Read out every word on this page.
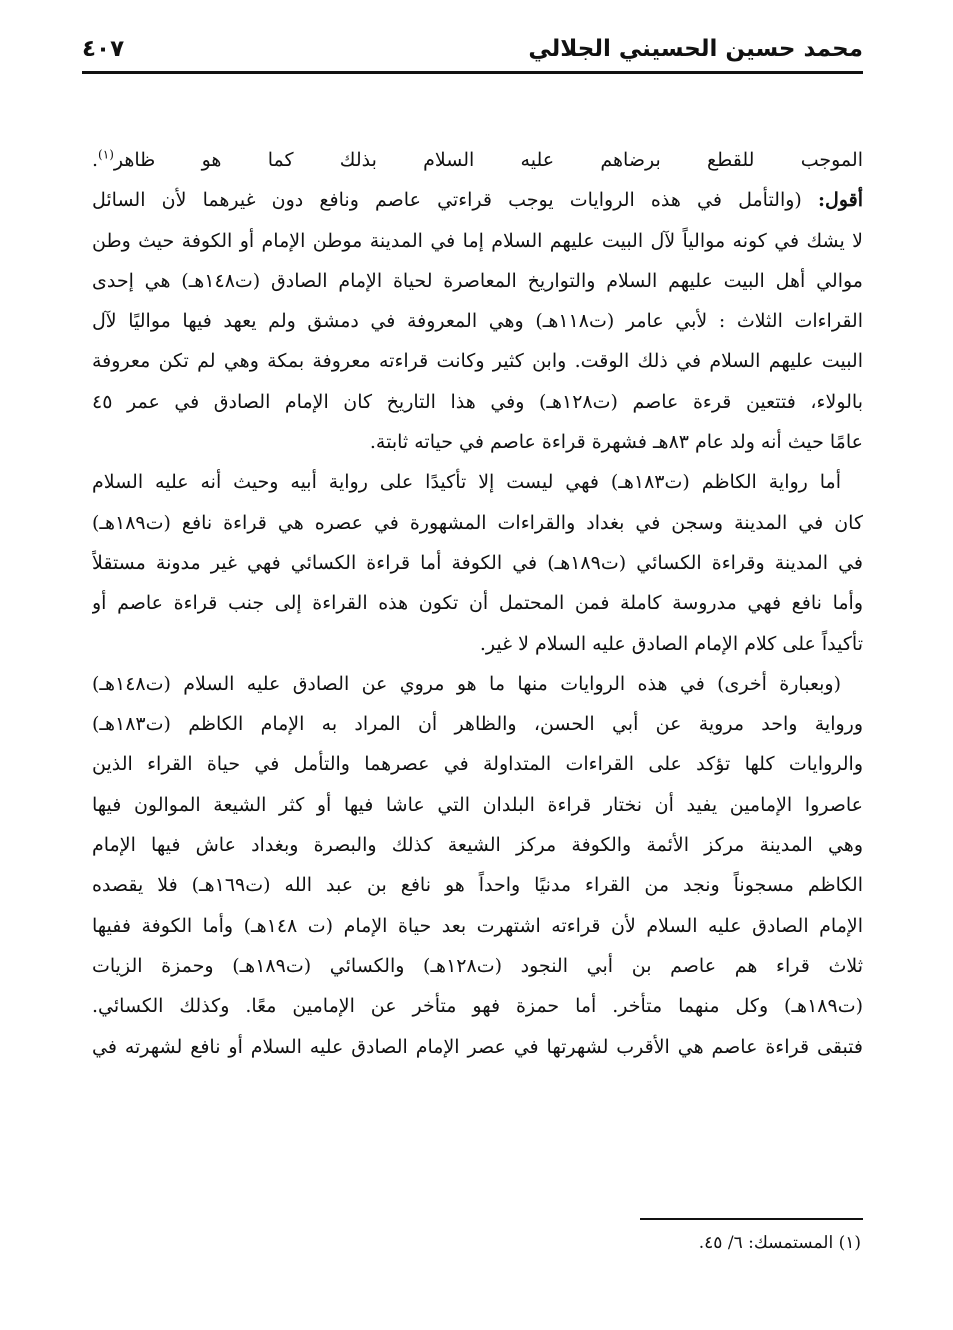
محمد حسين الحسيني الجلالي
٤٠٧
الموجب للقطع برضاهم عليه السلام بذلك كما هو ظاهر$^{(١)}$.
أقول: (والتأمل في هذه الروايات يوجب قراءتي عاصم ونافع دون غيرهما لأن السائل
لا يشك في كونه موالياً لآل البيت عليهم السلام إما في المدينة موطن الإمام أو الكوفة حيث وطن
موالي أهل البيت عليهم السلام والتواريخ المعاصرة لحياة الإمام الصادق (ت١٤٨هـ) هي إحدى
القراءات الثلاث : لأبي عامر (ت١١٨هـ) وهي المعروفة في دمشق ولم يعهد فيها مواليًا لآل
البيت عليهم السلام في ذلك الوقت. وابن كثير وكانت قراءته معروفة بمكة وهي لم تكن معروفة
بالولاء، فتتعين قرءة عاصم (ت١٢٨هـ) وفي هذا التاريخ كان الإمام الصادق في عمر ٤٥
عامًا حيث أنه ولد عام ٨٣هـ فشهرة قراءة عاصم في حياته ثابتة.
أما رواية الكاظم (ت١٨٣هـ) فهي ليست إلا تأكيدًا على رواية أبيه وحيث أنه عليه السلام
كان في المدينة وسجن في بغداد والقراءات المشهورة في عصره هي قراءة نافع (ت١٨٩هـ)
في المدينة وقراءة الكسائي (ت١٨٩هـ) في الكوفة أما قراءة الكسائي فهي غير مدونة مستقلاً
وأما نافع فهي مدروسة كاملة فمن المحتمل أن تكون هذه القراءة إلى جنب قراءة عاصم أو
تأكيداً على كلام الإمام الصادق عليه السلام لا غير.
(وبعبارة أخرى) في هذه الروايات منها ما هو مروي عن الصادق عليه السلام (ت١٤٨هـ)
ورواية واحد مروية عن أبي الحسن، والظاهر أن المراد به الإمام الكاظم (ت١٨٣هـ)
والروايات كلها تؤكد على القراءات المتداولة في عصرهما والتأمل في حياة القراء الذين
عاصروا الإمامين يفيد أن نختار قراءة البلدان التي عاشا فيها أو كثر الشيعة الموالون فيها
وهي المدينة مركز الأئمة والكوفة مركز الشيعة كذلك والبصرة وبغداد عاش فيها الإمام
الكاظم مسجوناً ونجد من القراء مدنيًا واحداً هو نافع بن عبد الله (ت١٦٩هـ) فلا يقصده
الإمام الصادق عليه السلام لأن قراءته اشتهرت بعد حياة الإمام (ت ١٤٨هـ) وأما الكوفة ففيها
ثلاث قراء هم عاصم بن أبي النجود (ت١٢٨هـ) والكسائي (ت١٨٩هـ) وحمزة الزيات
(ت١٨٩هـ) وكل منهما متأخر. أما حمزة فهو متأخر عن الإمامين معًا. وكذلك الكسائي.
فتبقى قراءة عاصم هي الأقرب لشهرتها في عصر الإمام الصادق عليه السلام أو نافع لشهرته في
(١) المستمسك: ٦/ ٤٥.
